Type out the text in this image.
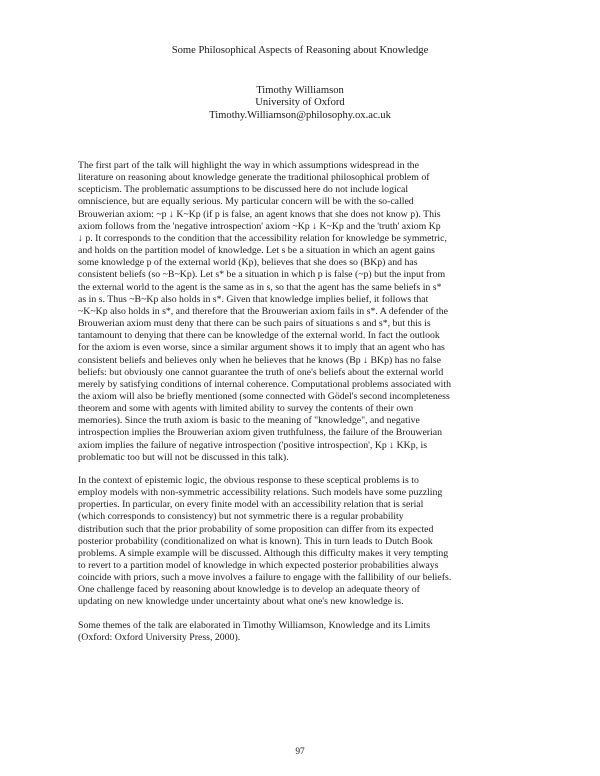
Some Philosophical Aspects of Reasoning about Knowledge
Timothy Williamson
University of Oxford
Timothy.Williamson@philosophy.ox.ac.uk

The first part of the talk will highlight the way in which assumptions widespread in the
literature on reasoning about knowledge generate the traditional philosophical problem of
scepticism. The problematic assumptions to be discussed here do not include logical
omniscience, but are equally serious. My particular concern will be with the so-called
Brouwerian axiom: ~p ↓ K~Kp (if p is false, an agent knows that she does not know p). This
axiom follows from the 'negative introspection' axiom ~Kp ↓ K~Kp and the 'truth' axiom Kp
↓ p. It corresponds to the condition that the accessibility relation for knowledge be symmetric,
and holds on the partition model of knowledge. Let s be a situation in which an agent gains
some knowledge p of the external world (Kp), believes that she does so (BKp) and has
consistent beliefs (so ~B~Kp). Let s* be a situation in which p is false (~p) but the input from
the external world to the agent is the same as in s, so that the agent has the same beliefs in s*
as in s. Thus ~B~Kp also holds in s*. Given that knowledge implies belief, it follows that
~K~Kp also holds in s*, and therefore that the Brouwerian axiom fails in s*. A defender of the
Brouwerian axiom must deny that there can be such pairs of situations s and s*, but this is
tantamount to denying that there can be knowledge of the external world. In fact the outlook
for the axiom is even worse, since a similar argument shows it to imply that an agent who has
consistent beliefs and believes only when he believes that he knows (Bp ↓ BKp) has no false
beliefs: but obviously one cannot guarantee the truth of one's beliefs about the external world
merely by satisfying conditions of internal coherence. Computational problems associated with
the axiom will also be briefly mentioned (some connected with Gödel's second incompleteness
theorem and some with agents with limited ability to survey the contents of their own
memories). Since the truth axiom is basic to the meaning of "knowledge", and negative
introspection implies the Brouwerian axiom given truthfulness, the failure of the Brouwerian
axiom implies the failure of negative introspection ('positive introspection', Kp ↓ KKp, is
problematic too but will not be discussed in this talk).

In the context of epistemic logic, the obvious response to these sceptical problems is to
employ models with non-symmetric accessibility relations. Such models have some puzzling
properties. In particular, on every finite model with an accessibility relation that is serial
(which corresponds to consistency) but not symmetric there is a regular probability
distribution such that the prior probability of some proposition can differ from its expected
posterior probability (conditionalized on what is known). This in turn leads to Dutch Book
problems. A simple example will be discussed. Although this difficulty makes it very tempting
to revert to a partition model of knowledge in which expected posterior probabilities always
coincide with priors, such a move involves a failure to engage with the fallibility of our beliefs.
One challenge faced by reasoning about knowledge is to develop an adequate theory of
updating on new knowledge under uncertainty about what one's new knowledge is.

Some themes of the talk are elaborated in Timothy Williamson, Knowledge and its Limits
(Oxford: Oxford University Press, 2000).

97
